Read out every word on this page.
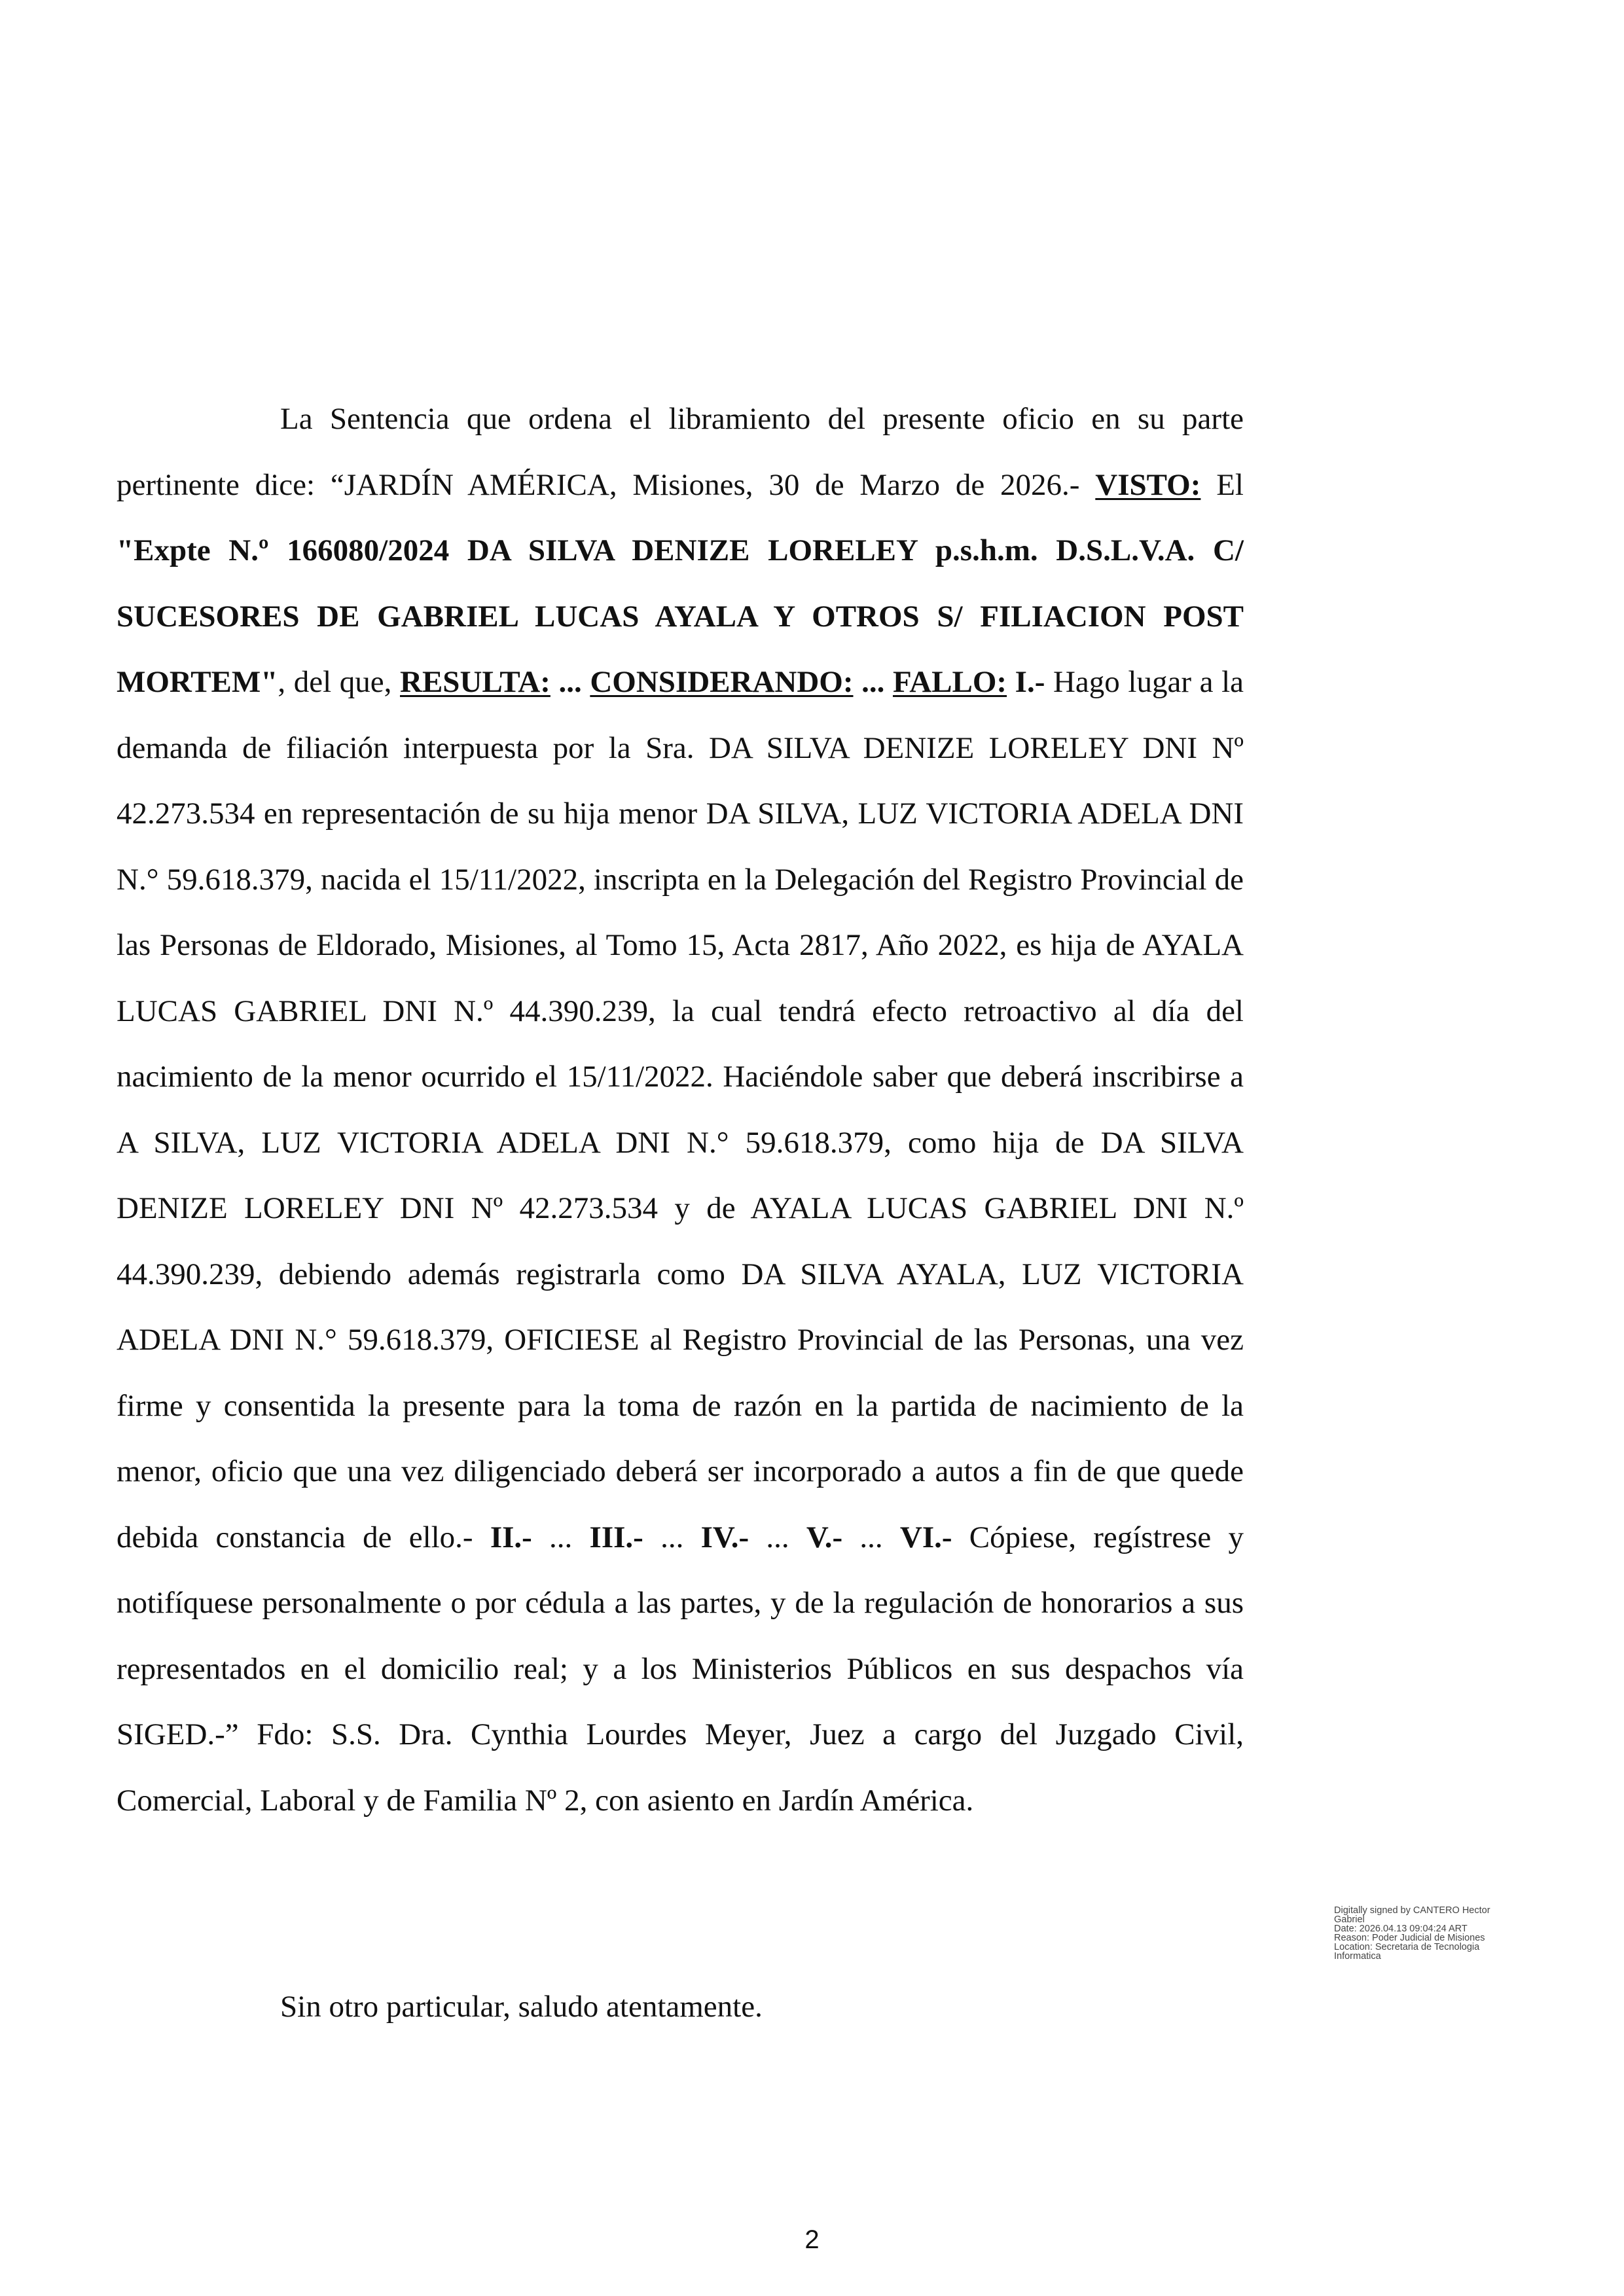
La Sentencia que ordena el libramiento del presente oficio en su parte pertinente dice: “JARDÍN AMÉRICA, Misiones, 30 de Marzo de 2026.- VISTO: El "Expte N.º 166080/2024 DA SILVA DENIZE LORELEY p.s.h.m. D.S.L.V.A. C/ SUCESORES DE GABRIEL LUCAS AYALA Y OTROS S/ FILIACION POST MORTEM", del que, RESULTA: ... CONSIDERANDO: ... FALLO: I.- Hago lugar a la demanda de filiación interpuesta por la Sra. DA SILVA DENIZE LORELEY DNI Nº 42.273.534 en representación de su hija menor DA SILVA, LUZ VICTORIA ADELA DNI N.° 59.618.379, nacida el 15/11/2022, inscripta en la Delegación del Registro Provincial de las Personas de Eldorado, Misiones, al Tomo 15, Acta 2817, Año 2022, es hija de AYALA LUCAS GABRIEL DNI N.º 44.390.239, la cual tendrá efecto retroactivo al día del nacimiento de la menor ocurrido el 15/11/2022. Haciéndole saber que deberá inscribirse a A SILVA, LUZ VICTORIA ADELA DNI N.° 59.618.379, como hija de DA SILVA DENIZE LORELEY DNI Nº 42.273.534 y de AYALA LUCAS GABRIEL DNI N.º 44.390.239, debiendo además registrarla como DA SILVA AYALA, LUZ VICTORIA ADELA DNI N.° 59.618.379, OFICIESE al Registro Provincial de las Personas, una vez firme y consentida la presente para la toma de razón en la partida de nacimiento de la menor, oficio que una vez diligenciado deberá ser incorporado a autos a fin de que quede debida constancia de ello.- II.- ... III.- ... IV.- ... V.- ... VI.- Cópiese, regístrese y notifíquese personalmente o por cédula a las partes, y de la regulación de honorarios a sus representados en el domicilio real; y a los Ministerios Públicos en sus despachos vía SIGED.-” Fdo: S.S. Dra. Cynthia Lourdes Meyer, Juez a cargo del Juzgado Civil, Comercial, Laboral y de Familia Nº 2, con asiento en Jardín América.

Digitally signed by CANTERO Hector
Gabriel
Date: 2026.04.13 09:04:24 ART
Reason: Poder Judicial de Misiones
Location: Secretaria de Tecnologia
Informatica

Sin otro particular, saludo atentamente.

2
